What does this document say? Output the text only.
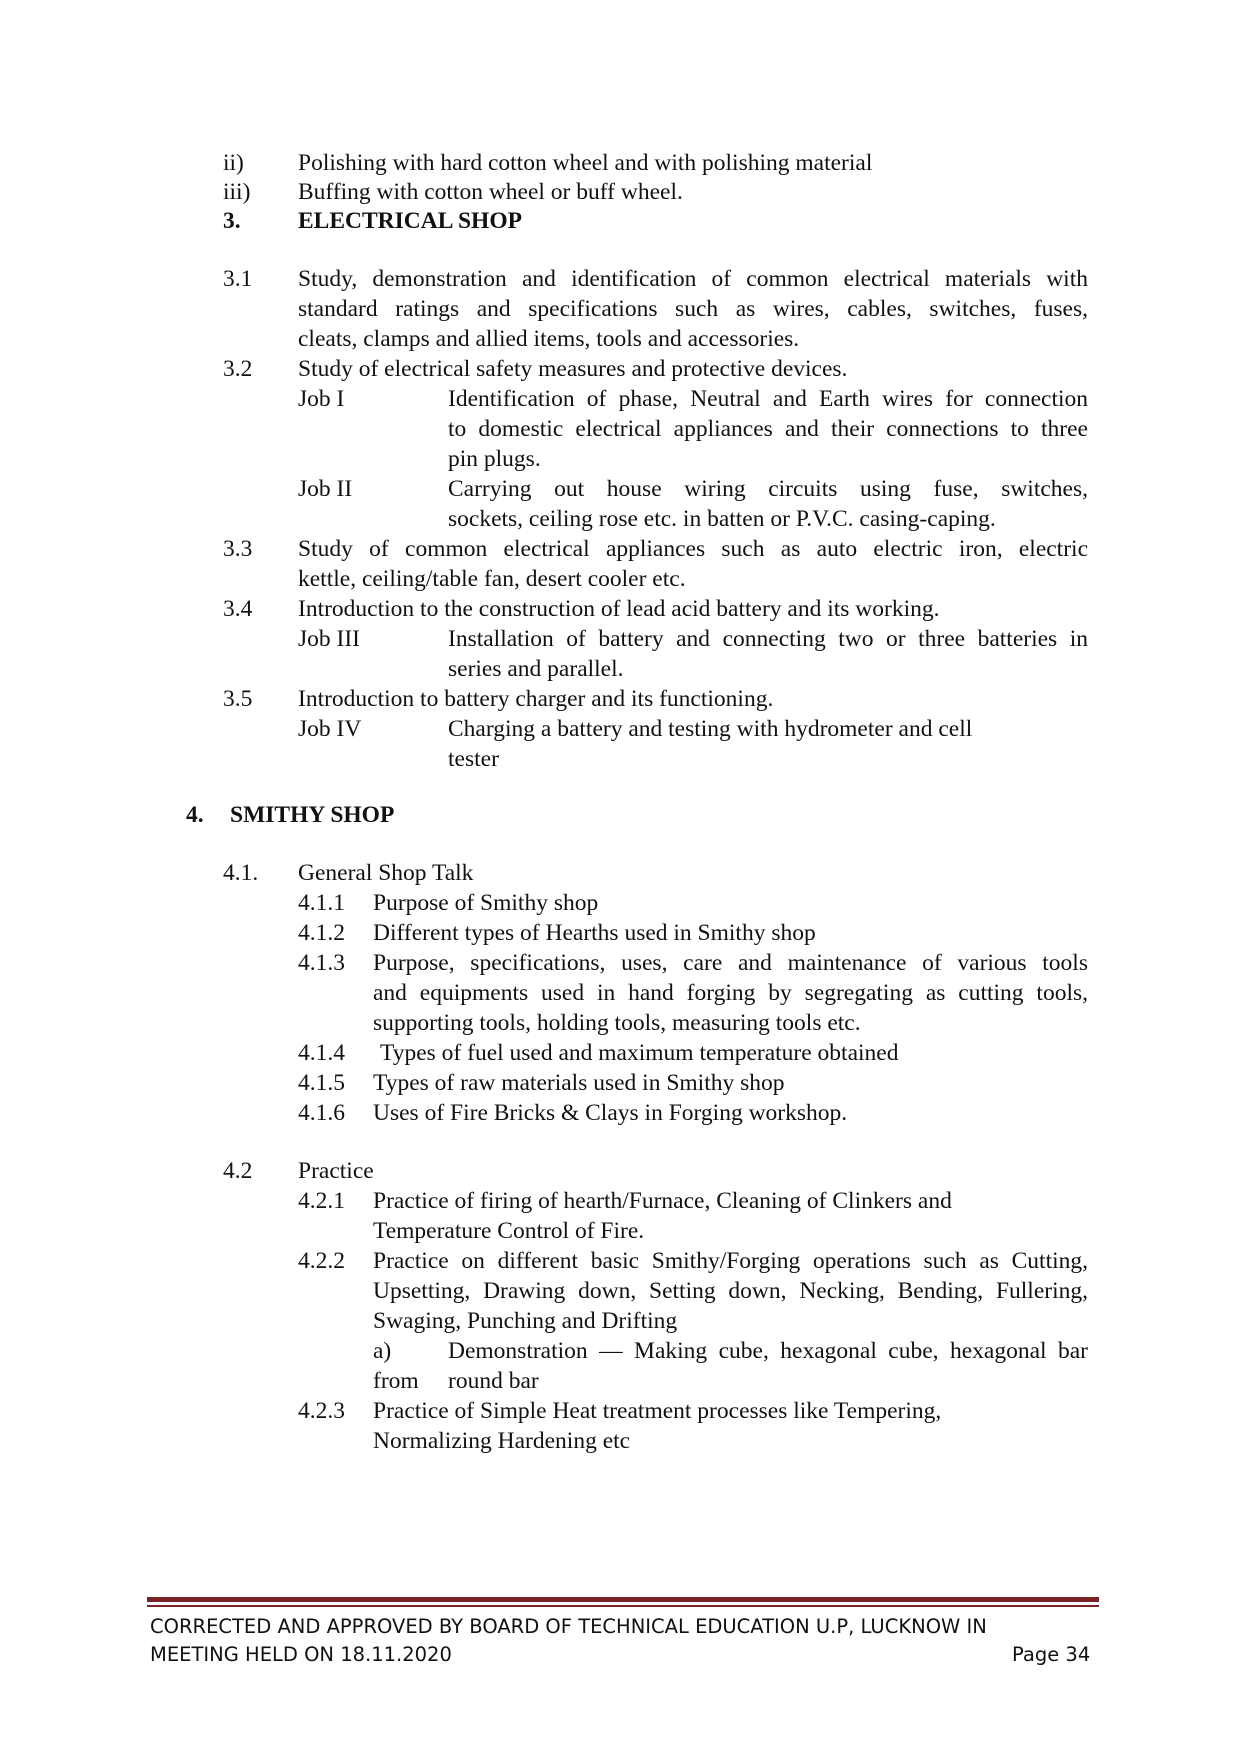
ii) Polishing with hard cotton wheel and with polishing material
iii) Buffing with cotton wheel or buff wheel.
3. ELECTRICAL SHOP
3.1 Study, demonstration and identification of common electrical materials with
standard ratings and specifications such as wires, cables, switches, fuses,
cleats, clamps and allied items, tools and accessories.
3.2 Study of electrical safety measures and protective devices.
Job I	Identification of phase, Neutral and Earth wires for connection
to domestic electrical appliances and their connections to three
pin plugs.
Job II	Carrying out house wiring circuits using fuse, switches,
sockets, ceiling rose etc. in batten or P.V.C. casing-caping.
3.3 Study of common electrical appliances such as auto electric iron, electric
kettle, ceiling/table fan, desert cooler etc.
3.4 Introduction to the construction of lead acid battery and its working.
Job III	Installation of battery and connecting two or three batteries in
series and parallel.
3.5 Introduction to battery charger and its functioning.
Job IV	Charging a battery and testing with hydrometer and cell
tester
4. SMITHY SHOP
4.1. General Shop Talk
4.1.1 Purpose of Smithy shop
4.1.2 Different types of Hearths used in Smithy shop
4.1.3 Purpose, specifications, uses, care and maintenance of various tools
and equipments used in hand forging by segregating as cutting tools,
supporting tools, holding tools, measuring tools etc.
4.1.4 Types of fuel used and maximum temperature obtained
4.1.5 Types of raw materials used in Smithy shop
4.1.6 Uses of Fire Bricks & Clays in Forging workshop.
4.2 Practice
4.2.1 Practice of firing of hearth/Furnace, Cleaning of Clinkers and
Temperature Control of Fire.
4.2.2 Practice on different basic Smithy/Forging operations such as Cutting,
Upsetting, Drawing down, Setting down, Necking, Bending, Fullering,
Swaging, Punching and Drifting
a) Demonstration — Making cube, hexagonal cube, hexagonal bar
from round bar
4.2.3 Practice of Simple Heat treatment processes like Tempering,
Normalizing Hardening etc
CORRECTED AND APPROVED BY BOARD OF TECHNICAL EDUCATION U.P, LUCKNOW IN
MEETING HELD ON 18.11.2020	Page 34
